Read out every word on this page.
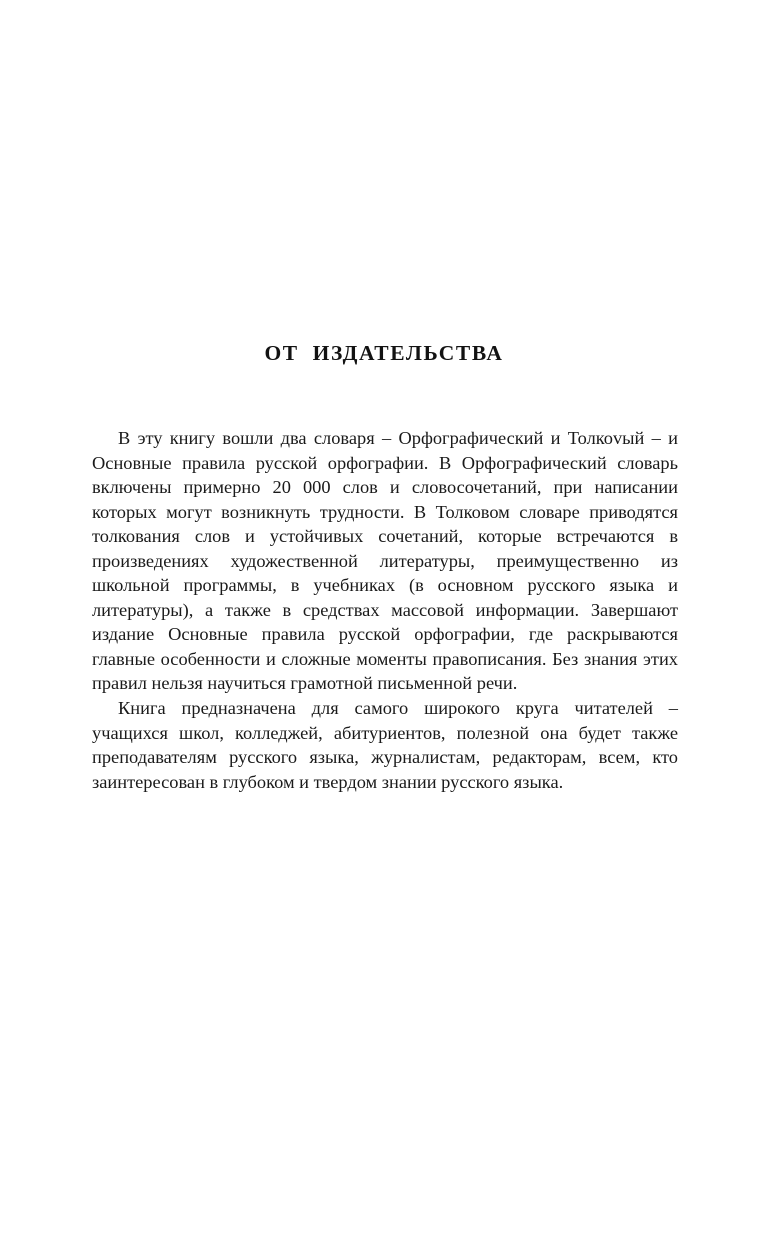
ОТ  ИЗДАТЕЛЬСТВА

В эту книгу вошли два словаря – Орфографический и Толкоvый – и Основные правила русской орфографии. В Орфографический словарь включены примерно 20 000 слов и словосочетаний, при написании которых могут возникнуть трудности. В Толковом словаре приводятся толкования слов и устойчивых сочетаний, которые встречаются в произведениях художественной литературы, преимущественно из школьной программы, в учебниках (в основном русского языка и литературы), а также в средствах массовой информации. Завершают издание Основные правила русской орфографии, где раскрываются главные особенности и сложные моменты правописания. Без знания этих правил нельзя научиться грамотной письменной речи.

Книга предназначена для самого широкого круга читателей – учащихся школ, колледжей, абитуриентов, полезной она будет также преподавателям русского языка, журналистам, редакторам, всем, кто заинтересован в глубоком и твердом знании русского языка.
